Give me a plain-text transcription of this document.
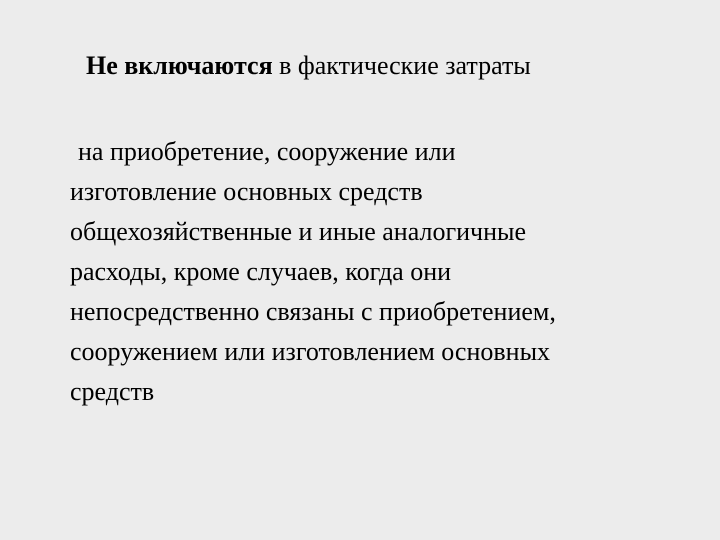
Не включаются в фактические затраты
на приобретение, сооружение или
изготовление основных средств
общехозяйственные и иные аналогичные
расходы, кроме случаев, когда они
непосредственно связаны с приобретением,
сооружением или изготовлением основных
средств
